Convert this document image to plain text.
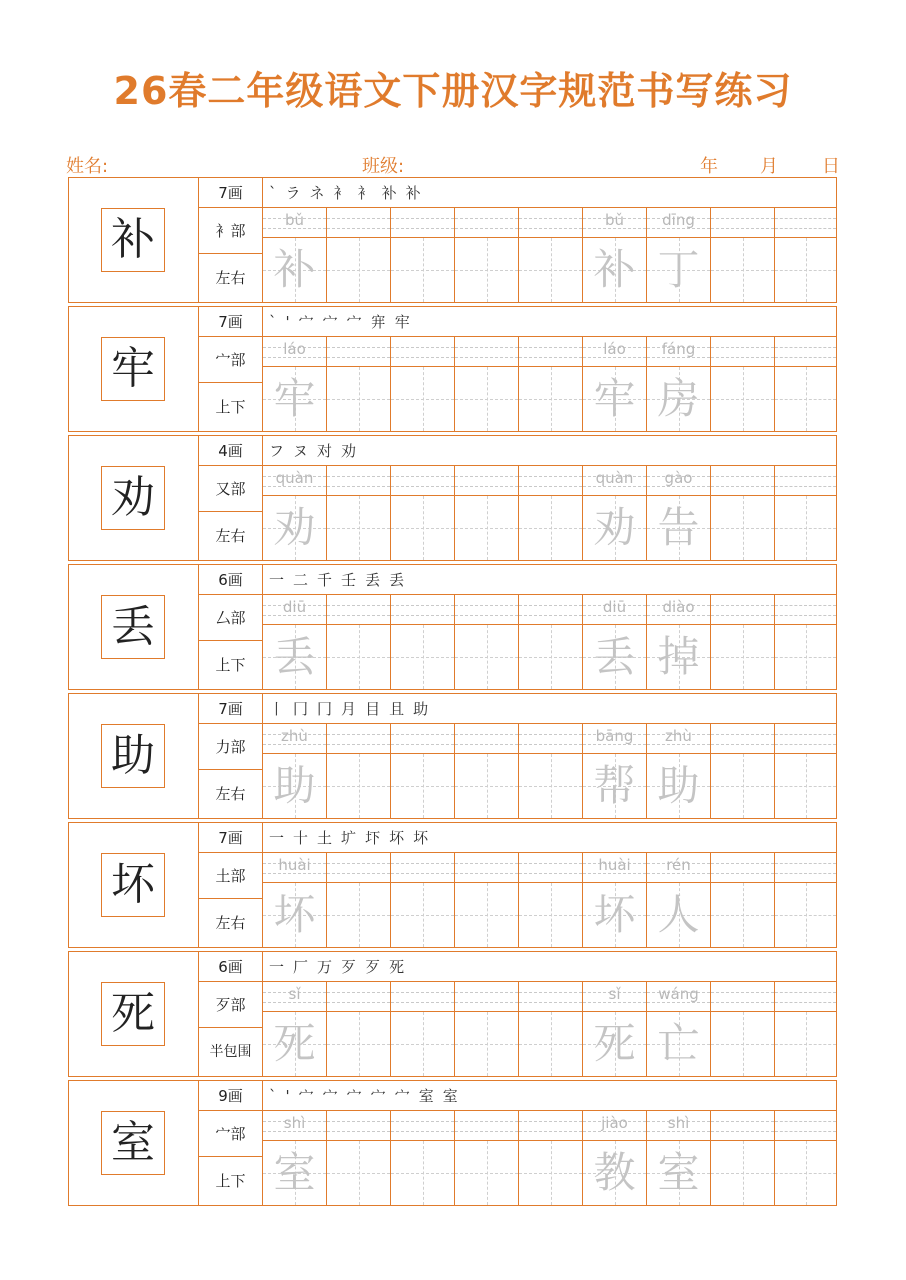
26春二年级语文下册汉字规范书写练习
姓名:	班级:	年 月 日
补
7画
衤部
左右
` ラ ネ 衤 衤 补 补
bǔ
补
bǔ
补
dīng
丁
牢
7画
宀部
上下
` ' 宀 宀 宀 宑 牢
láo
牢
láo
牢
fáng
房
劝
4画
又部
左右
フ ヌ 对 劝
quàn
劝
quàn
劝
gào
告
丢
6画
厶部
上下
一 二 千 壬 丢 丢
diū
丢
diū
丢
diào
掉
助
7画
力部
左右
丨 冂 冂 月 目 且 助
zhù
助
bāng
帮
zhù
助
坏
7画
土部
左右
一 十 土 圹 圷 坏 坏
huài
坏
huài
坏
rén
人
死
6画
歹部
半包围
一 厂 万 歹 歹 死
sǐ
死
sǐ
死
wáng
亡
室
9画
宀部
上下
` ' 宀 宀 宀 宀 宀 室 室
shì
室
jiào
教
shì
室
